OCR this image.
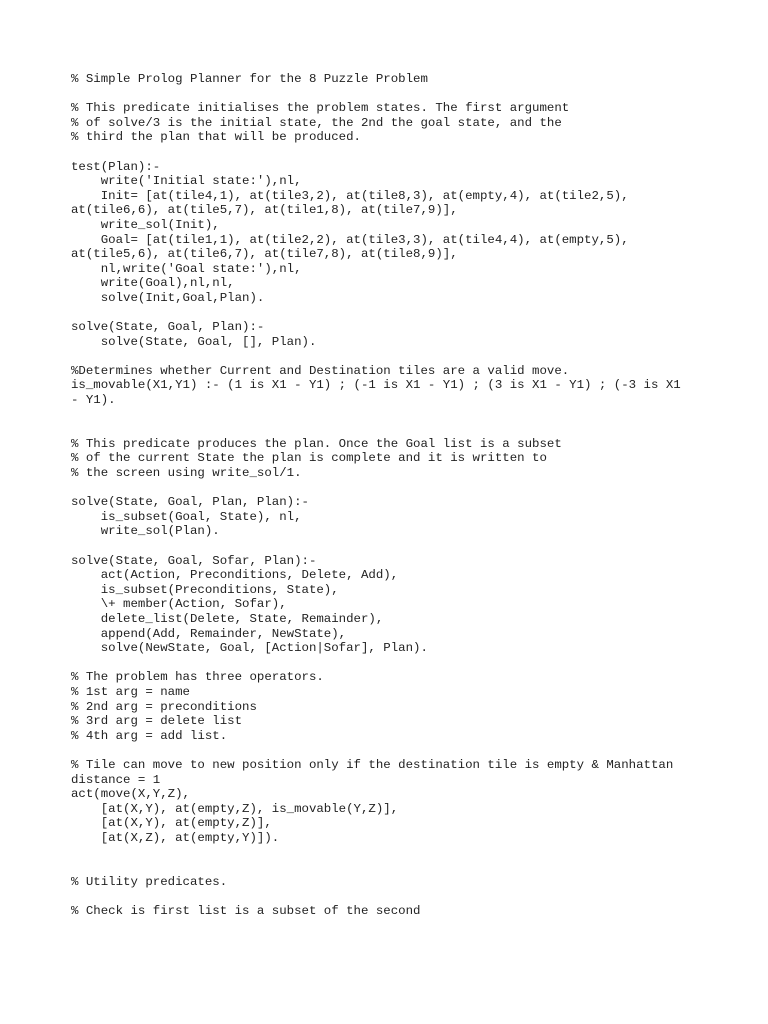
% Simple Prolog Planner for the 8 Puzzle Problem
% This predicate initialises the problem states. The first argument
% of solve/3 is the initial state, the 2nd the goal state, and the
% third the plan that will be produced.
test(Plan):-
write('Initial state:'),nl,
Init= [at(tile4,1), at(tile3,2), at(tile8,3), at(empty,4), at(tile2,5),
at(tile6,6), at(tile5,7), at(tile1,8), at(tile7,9)],
write_sol(Init),
Goal= [at(tile1,1), at(tile2,2), at(tile3,3), at(tile4,4), at(empty,5),
at(tile5,6), at(tile6,7), at(tile7,8), at(tile8,9)],
nl,write('Goal state:'),nl,
write(Goal),nl,nl,
solve(Init,Goal,Plan).
solve(State, Goal, Plan):-
solve(State, Goal, [], Plan).
%Determines whether Current and Destination tiles are a valid move.
is_movable(X1,Y1) :- (1 is X1 - Y1) ; (-1 is X1 - Y1) ; (3 is X1 - Y1) ; (-3 is X1
- Y1).
% This predicate produces the plan. Once the Goal list is a subset
% of the current State the plan is complete and it is written to
% the screen using write_sol/1.
solve(State, Goal, Plan, Plan):-
is_subset(Goal, State), nl,
write_sol(Plan).
solve(State, Goal, Sofar, Plan):-
act(Action, Preconditions, Delete, Add),
is_subset(Preconditions, State),
\+ member(Action, Sofar),
delete_list(Delete, State, Remainder),
append(Add, Remainder, NewState),
solve(NewState, Goal, [Action|Sofar], Plan).
% The problem has three operators.
% 1st arg = name
% 2nd arg = preconditions
% 3rd arg = delete list
% 4th arg = add list.
% Tile can move to new position only if the destination tile is empty & Manhattan
distance = 1
act(move(X,Y,Z),
[at(X,Y), at(empty,Z), is_movable(Y,Z)],
[at(X,Y), at(empty,Z)],
[at(X,Z), at(empty,Y)]).
% Utility predicates.
% Check is first list is a subset of the second
